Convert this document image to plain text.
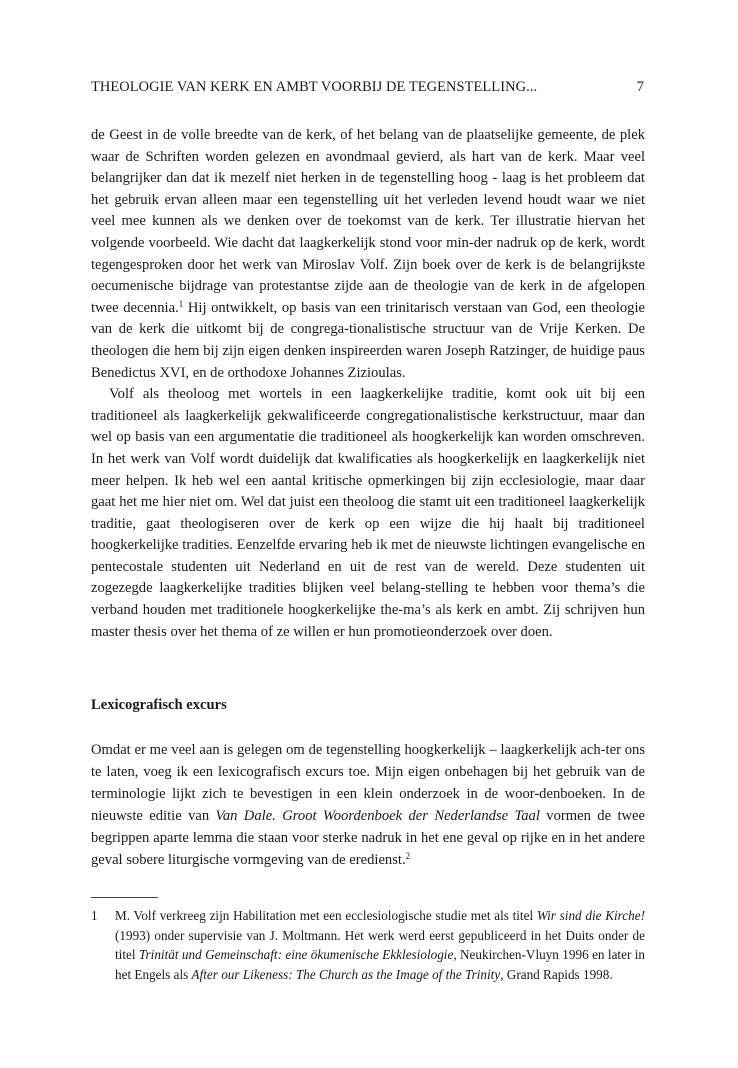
THEOLOGIE VAN KERK EN AMBT VOORBIJ DE TEGENSTELLING...	7

de Geest in de volle breedte van de kerk, of het belang van de plaatselijke gemeente, de plek waar de Schriften worden gelezen en avondmaal gevierd, als hart van de kerk. Maar veel belangrijker dan dat ik mezelf niet herken in de tegenstelling hoog - laag is het probleem dat het gebruik ervan alleen maar een tegenstelling uit het verleden levend houdt waar we niet veel mee kunnen als we denken over de toekomst van de kerk. Ter illustratie hiervan het volgende voorbeeld. Wie dacht dat laagkerkelijk stond voor min-der nadruk op de kerk, wordt tegengesproken door het werk van Miroslav Volf. Zijn boek over de kerk is de belangrijkste oecumenische bijdrage van protestantse zijde aan de theologie van de kerk in de afgelopen twee decennia.$^1$ Hij ontwikkelt, op basis van een trinitarisch verstaan van God, een theologie van de kerk die uitkomt bij de congrega-tionalistische structuur van de Vrije Kerken. De theologen die hem bij zijn eigen denken inspireerden waren Joseph Ratzinger, de huidige paus Benedictus XVI, en de orthodoxe Johannes Zizioulas.

Volf als theoloog met wortels in een laagkerkelijke traditie, komt ook uit bij een traditioneel als laagkerkelijk gekwalificeerde congregationalistische kerkstructuur, maar dan wel op basis van een argumentatie die traditioneel als hoogkerkelijk kan worden omschreven. In het werk van Volf wordt duidelijk dat kwalificaties als hoogkerkelijk en laagkerkelijk niet meer helpen. Ik heb wel een aantal kritische opmerkingen bij zijn ecclesiologie, maar daar gaat het me hier niet om. Wel dat juist een theoloog die stamt uit een traditioneel laagkerkelijk traditie, gaat theologiseren over de kerk op een wijze die hij haalt bij traditioneel hoogkerkelijke tradities. Eenzelfde ervaring heb ik met de nieuwste lichtingen evangelische en pentecostale studenten uit Nederland en uit de rest van de wereld. Deze studenten uit zogezegde laagkerkelijke tradities blijken veel belang-stelling te hebben voor thema’s die verband houden met traditionele hoogkerkelijke the-ma’s als kerk en ambt. Zij schrijven hun master thesis over het thema of ze willen er hun promotieonderzoek over doen.

Lexicografisch excurs

Omdat er me veel aan is gelegen om de tegenstelling hoogkerkelijk – laagkerkelijk ach-ter ons te laten, voeg ik een lexicografisch excurs toe. Mijn eigen onbehagen bij het gebruik van de terminologie lijkt zich te bevestigen in een klein onderzoek in de woor-denboeken. In de nieuwste editie van Van Dale. Groot Woordenboek der Nederlandse Taal vormen de twee begrippen aparte lemma die staan voor sterke nadruk in het ene geval op rijke en in het andere geval sobere liturgische vormgeving van de eredienst.$^2$

1	M. Volf verkreeg zijn Habilitation met een ecclesiologische studie met als titel Wir sind die Kirche! (1993) onder supervisie van J. Moltmann. Het werk werd eerst gepubliceerd in het Duits onder de titel Trinität und Gemeinschaft: eine ökumenische Ekklesiologie, Neukirchen-Vluyn 1996 en later in het Engels als After our Likeness: The Church as the Image of the Trinity, Grand Rapids 1998.
